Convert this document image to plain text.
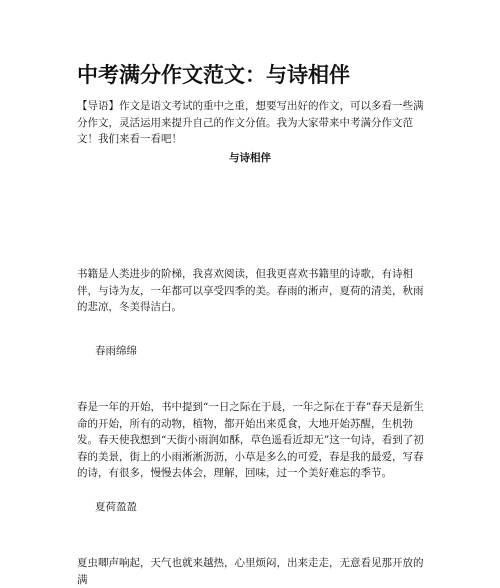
中考满分作文范文：与诗相伴

【导语】作文是语文考试的重中之重，想要写出好的作文，可以多看一些满分作文，灵活运用来提升自己的作文分值。我为大家带来中考满分作文范文！我们来看一看吧！

与诗相伴

书籍是人类进步的阶梯，我喜欢阅读，但我更喜欢书籍里的诗歌，有诗相伴，与诗为友，一年都可以享受四季的美。春雨的淅声，夏荷的清美，秋雨的悲凉，冬美得洁白。

春雨绵绵

春是一年的开始，书中提到“一日之际在于晨，一年之际在于春”春天是新生命的开始，所有的动物，植物，都开始出来觅食，大地开始苏醒，生机勃发。春天使我想到“天街小雨润如酥，草色遥看近却无”这一句诗，看到了初春的美景，街上的小雨淅淅沥沥，小草是多么的可爱，春是我的最爱，写春的诗，有很多，慢慢去体会，理解，回味，过一个美好难忘的季节。

夏荷盈盈

夏虫唧声响起，天气也就来越热，心里烦闷，出来走走，无意看见那开放的满
